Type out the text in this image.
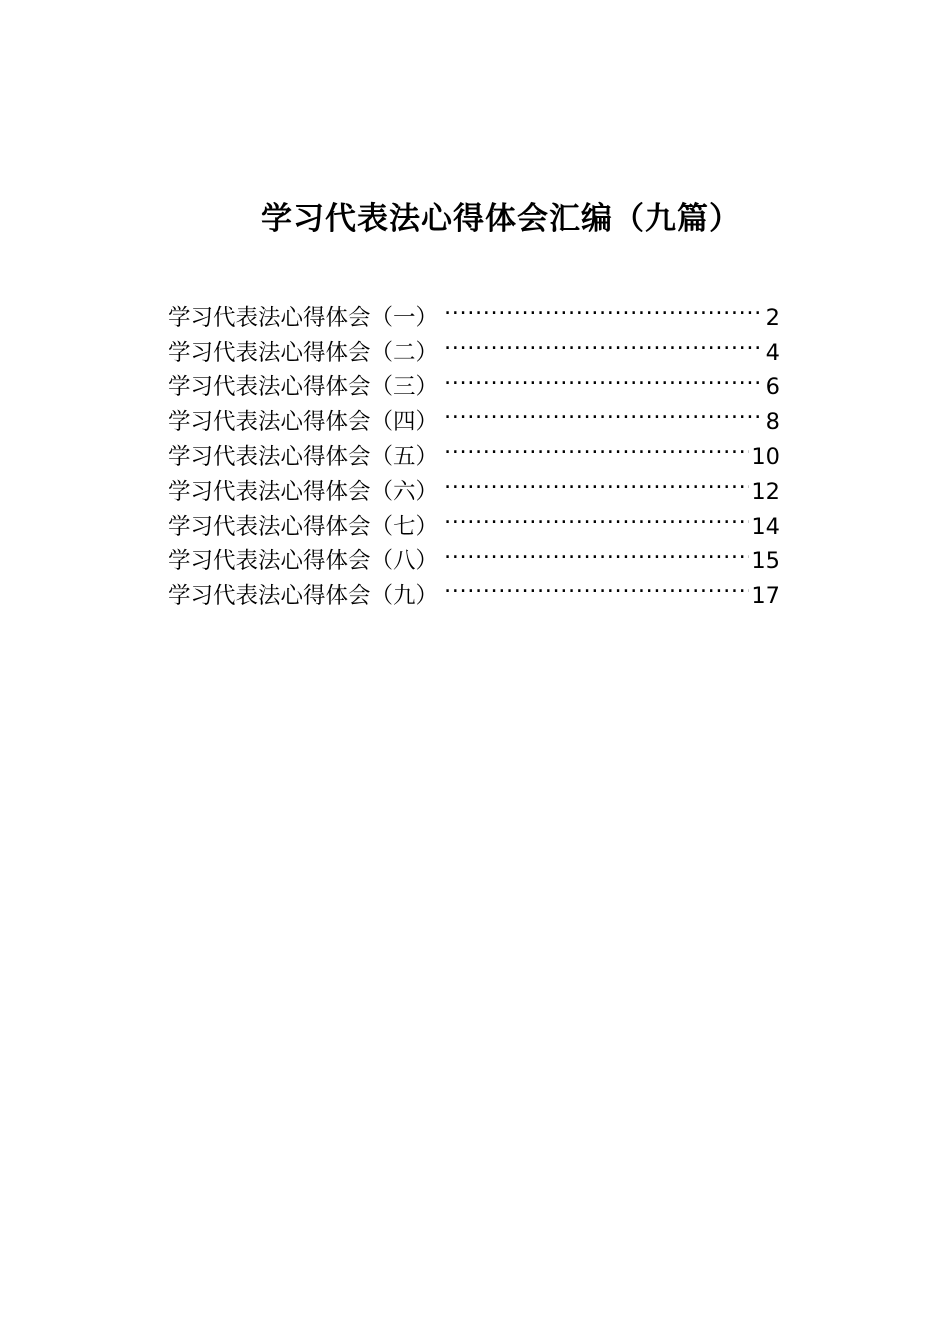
学习代表法心得体会汇编（九篇）
学习代表法心得体会（一） .....	2
学习代表法心得体会（二） .....	4
学习代表法心得体会（三） .....	6
学习代表法心得体会（四） .....	8
学习代表法心得体会（五） .....	10
学习代表法心得体会（六） .....	12
学习代表法心得体会（七） .....	14
学习代表法心得体会（八） .....	15
学习代表法心得体会（九） .....	17
